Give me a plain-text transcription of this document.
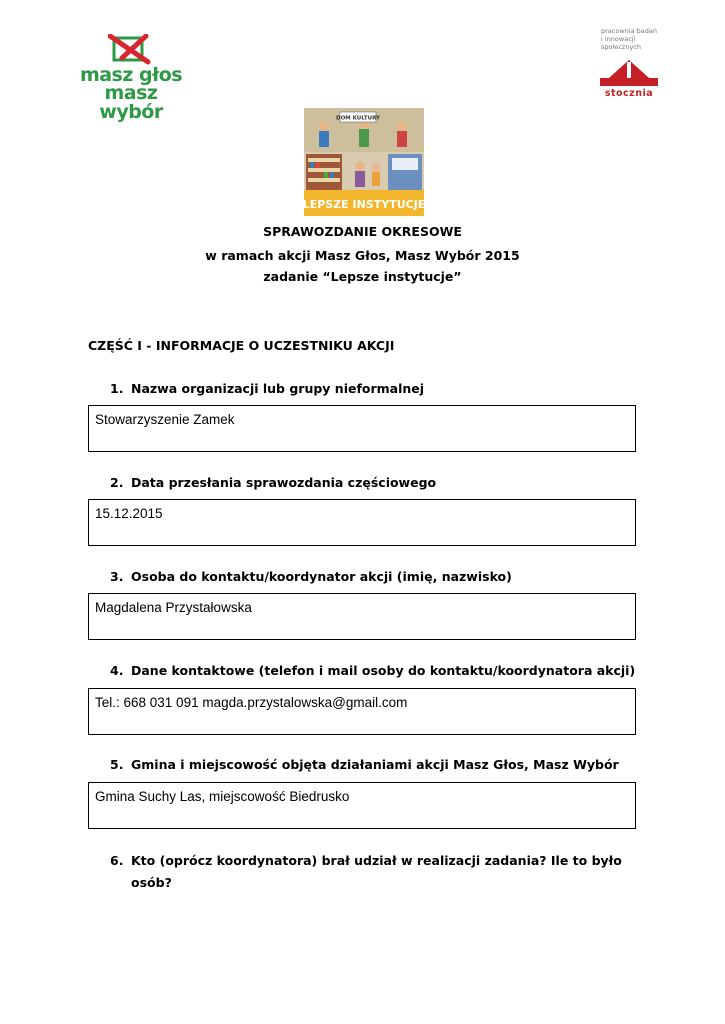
masz głos
masz wybór
pracownia badań
i innowacji
społecznych
stocznia
DOM KULTURY
LEPSZE INSTYTUCJE
SPRAWOZDANIE OKRESOWE
w ramach akcji Masz Głos, Masz Wybór 2015
zadanie “Lepsze instytucje”
CZĘŚĆ I - INFORMACJE O UCZESTNIKU AKCJI
1. Nazwa organizacji lub grupy nieformalnej
Stowarzyszenie Zamek
2. Data przesłania sprawozdania częściowego
15.12.2015
3. Osoba do kontaktu/koordynator akcji (imię, nazwisko)
Magdalena Przystałowska
4. Dane kontaktowe (telefon i mail osoby do kontaktu/koordynatora akcji)
Tel.: 668 031 091 magda.przystalowska@gmail.com
5. Gmina i miejscowość objęta działaniami akcji Masz Głos, Masz Wybór
Gmina Suchy Las, miejscowość Biedrusko
6. Kto (oprócz koordynatora) brał udział w realizacji zadania? Ile to było
osób?
